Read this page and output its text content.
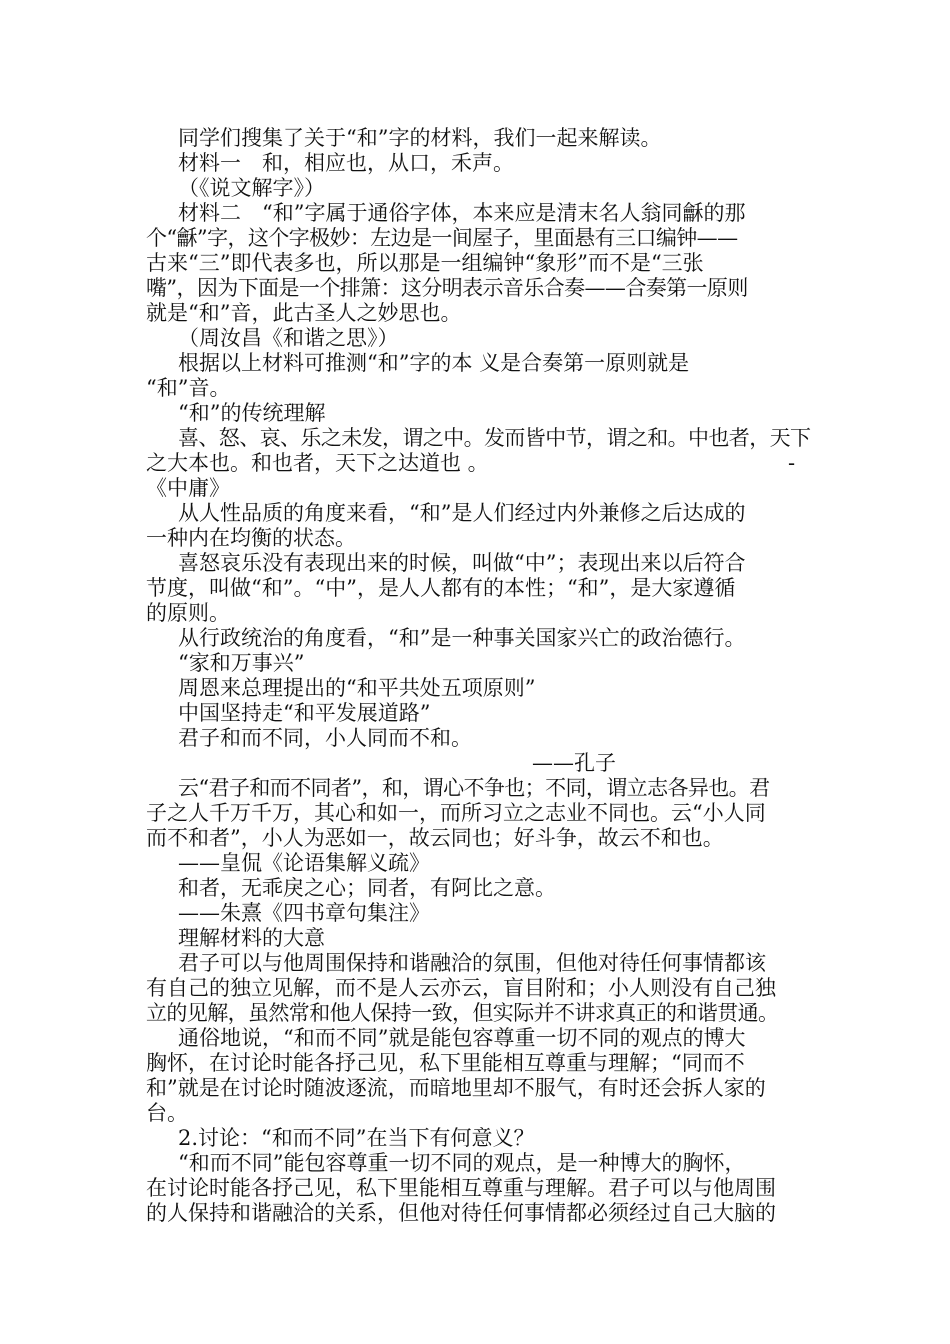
同学们搜集了关于“和”字的材料，我们一起来解读。
材料一　和，相应也，从口，禾声。
（《说文解字》）
材料二　“和”字属于通俗字体，本来应是清末名人翁同龢的那
个“龢”字，这个字极妙：左边是一间屋子，里面悬有三口编钟——
古来“三”即代表多也，所以那是一组编钟“象形”而不是“三张
嘴”，因为下面是一个排箫：这分明表示音乐合奏——合奏第一原则
就是“和”音，此古圣人之妙思也。
（周汝昌《和谐之思》）
根据以上材料可推测“和”字的本 义是合奏第一原则就是
“和”音。
“和”的传统理解
喜、怒、哀、乐之未发，谓之中。发而皆中节，谓之和。中也者，天下
之大本也。和也者，天下之达道也 。	-
《中庸》
从人性品质的角度来看，“和”是人们经过内外兼修之后达成的
一种内在均衡的状态。
喜怒哀乐没有表现出来的时候，叫做“中”；表现出来以后符合
节度，叫做“和”。“中”，是人人都有的本性；“和”，是大家遵循
的原则。
从行政统治的角度看，“和”是一种事关国家兴亡的政治德行。
“家和万事兴”
周恩来总理提出的“和平共处五项原则”
中国坚持走“和平发展道路”
君子和而不同，小人同而不和。
——孔子
云“君子和而不同者”，和，谓心不争也；不同，谓立志各异也。君
子之人千万千万，其心和如一，而所习立之志业不同也。云“小人同
而不和者”，小人为恶如一，故云同也；好斗争，故云不和也。
——皇侃《论语集解义疏》
和者，无乖戾之心；同者，有阿比之意。
——朱熹《四书章句集注》
理解材料的大意
君子可以与他周围保持和谐融洽的氛围，但他对待任何事情都该
有自己的独立见解，而不是人云亦云，盲目附和；小人则没有自己独
立的见解，虽然常和他人保持一致，但实际并不讲求真正的和谐贯通。
通俗地说，“和而不同”就是能包容尊重一切不同的观点的博大
胸怀，在讨论时能各抒己见，私下里能相互尊重与理解；“同而不
和”就是在讨论时随波逐流，而暗地里却不服气，有时还会拆人家的
台。
2.讨论：“和而不同”在当下有何意义？
“和而不同”能包容尊重一切不同的观点，是一种博大的胸怀，
在讨论时能各抒己见，私下里能相互尊重与理解。君子可以与他周围
的人保持和谐融洽的关系，但他对待任何事情都必须经过自己大脑的
